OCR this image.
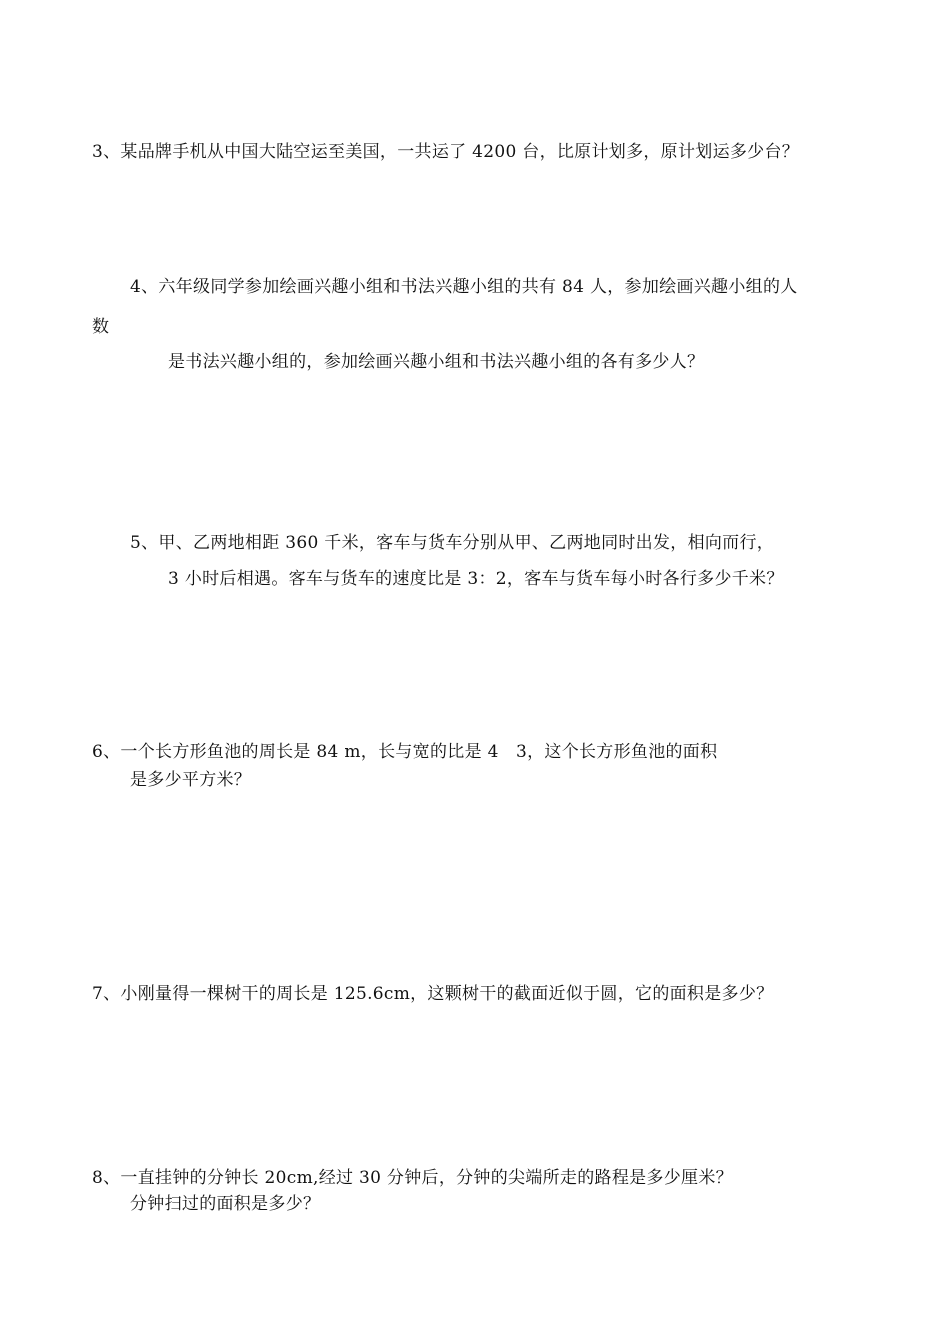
3、某品牌手机从中国大陆空运至美国，一共运了 4200 台，比原计划多，原计划运多少台？
4、六年级同学参加绘画兴趣小组和书法兴趣小组的共有 84 人，参加绘画兴趣小组的人
数
是书法兴趣小组的，参加绘画兴趣小组和书法兴趣小组的各有多少人？
5、甲、乙两地相距 360 千米，客车与货车分别从甲、乙两地同时出发，相向而行，
3 小时后相遇。客车与货车的速度比是 3：2，客车与货车每小时各行多少千米？
6、一个长方形鱼池的周长是 84 m，长与宽的比是 4　3，这个长方形鱼池的面积
是多少平方米？
7、小刚量得一棵树干的周长是 125.6cm，这颗树干的截面近似于圆，它的面积是多少？
8、一直挂钟的分钟长 20cm,经过 30 分钟后，分钟的尖端所走的路程是多少厘米？
分钟扫过的面积是多少？
